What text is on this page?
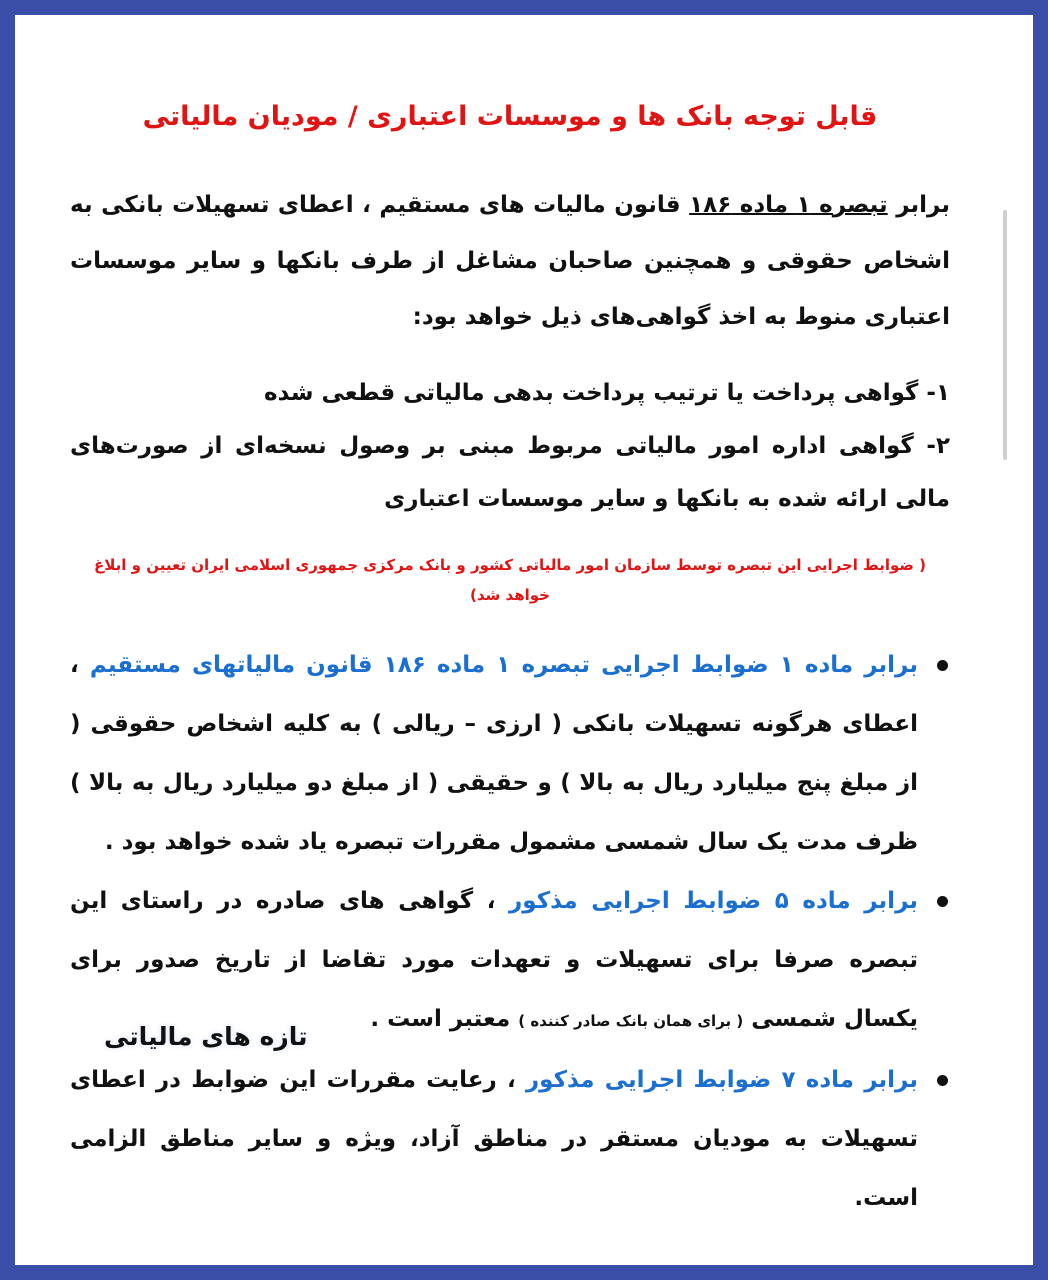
قابل توجه بانک ها و موسسات اعتباری / مودیان مالیاتی

برابر تبصره ۱ ماده ۱۸۶ قانون مالیات های مستقیم ، اعطای تسهیلات بانکی به اشخاص حقوقی و همچنین صاحبان مشاغل از طرف بانکها و سایر موسسات اعتباری منوط به اخذ گواهی‌های ذیل خواهد بود:

۱- گواهی پرداخت یا ترتیب پرداخت بدهی مالیاتی قطعی شده
۲- گواهی اداره امور مالیاتی مربوط مبنی بر وصول نسخه‌ای از صورت‌های مالی ارائه شده به بانکها و سایر موسسات اعتباری
( ضوابط اجرایی این تبصره توسط سازمان امور مالیاتی کشور و بانک مرکزی جمهوری اسلامی ایران تعیین و ابلاغ خواهد شد)
برابر ماده ۱ ضوابط اجرایی تبصره ۱ ماده ۱۸۶ قانون مالیاتهای مستقیم ، اعطای هرگونه تسهیلات بانکی ( ارزی – ریالی ) به کلیه اشخاص حقوقی ( از مبلغ پنج میلیارد ریال به بالا ) و حقیقی ( از مبلغ دو میلیارد ریال به بالا ) ظرف مدت یک سال شمسی مشمول مقررات تبصره یاد شده خواهد بود .
برابر ماده ۵ ضوابط اجرایی مذکور ، گواهی های صادره در راستای این تبصره صرفا برای تسهیلات و تعهدات مورد تقاضا از تاریخ صدور برای یکسال شمسی ( برای همان بانک صادر کننده ) معتبر است .
برابر ماده ۷ ضوابط اجرایی مذکور ، رعایت مقررات این ضوابط در اعطای تسهیلات به مودیان مستقر در مناطق آزاد، ویژه و سایر مناطق الزامی است.
تازه های مالیاتی
